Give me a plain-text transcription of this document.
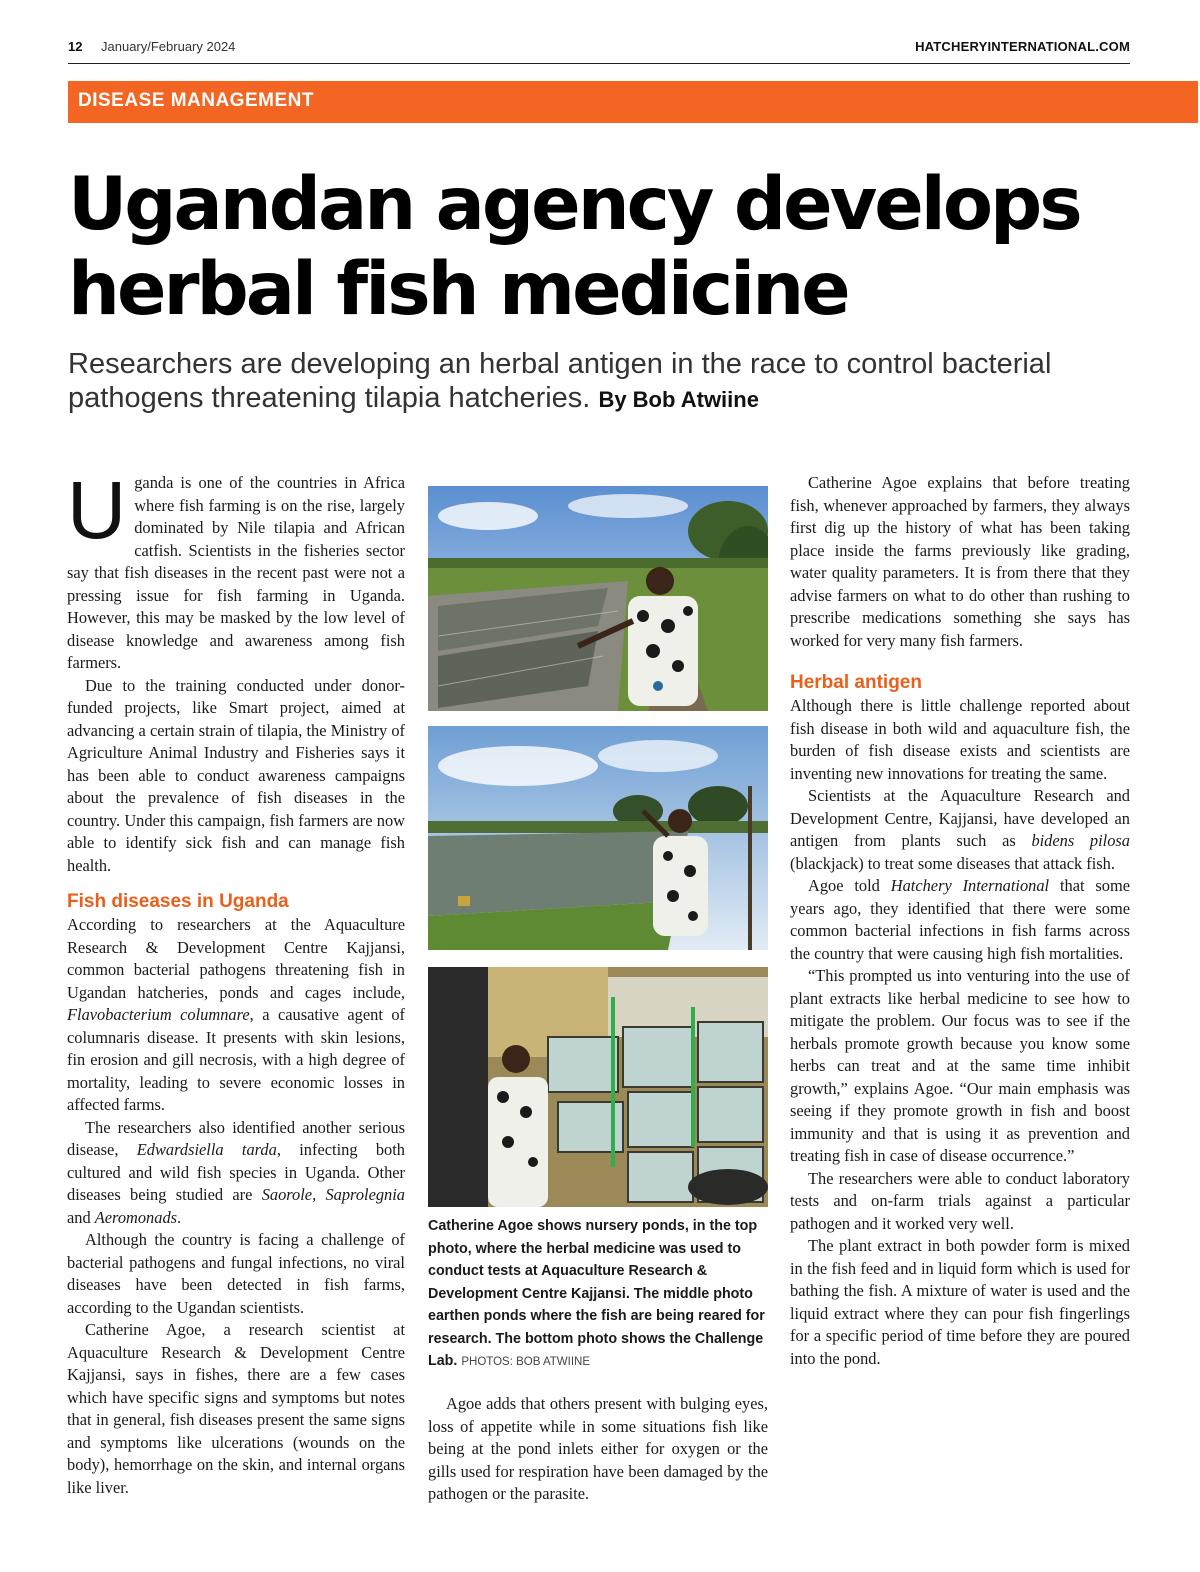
12 January/February 2024	HATCHERYINTERNATIONAL.COM
DISEASE MANAGEMENT
Ugandan agency develops herbal fish medicine
Researchers are developing an herbal antigen in the race to control bacterial pathogens threatening tilapia hatcheries. By Bob Atwiine

Uganda is one of the countries in Africa where fish farming is on the rise, largely dominated by Nile tilapia and African catfish. Scientists in the fisheries sector say that fish diseases in the recent past were not a pressing issue for fish farming in Uganda. However, this may be masked by the low level of disease knowledge and awareness among fish farmers.

Due to the training conducted under donor-funded projects, like Smart project, aimed at advancing a certain strain of tilapia, the Ministry of Agriculture Animal Industry and Fisheries says it has been able to conduct awareness campaigns about the prevalence of fish diseases in the country. Under this campaign, fish farmers are now able to identify sick fish and can manage fish health.

Fish diseases in Uganda

According to researchers at the Aquaculture Research & Development Centre Kajjansi, common bacterial pathogens threatening fish in Ugandan hatcheries, ponds and cages include, Flavobacterium columnare, a causative agent of columnaris disease. It presents with skin lesions, fin erosion and gill necrosis, with a high degree of mortality, leading to severe economic losses in affected farms.

The researchers also identified another serious disease, Edwardsiella tarda, infecting both cultured and wild fish species in Uganda. Other diseases being studied are Saorole, Saprolegnia and Aeromonads.

Although the country is facing a challenge of bacterial pathogens and fungal infections, no viral diseases have been detected in fish farms, according to the Ugandan scientists.

Catherine Agoe, a research scientist at Aquaculture Research & Development Centre Kajjansi, says in fishes, there are a few cases which have specific signs and symptoms but notes that in general, fish diseases present the same signs and symptoms like ulcerations (wounds on the body), hemorrhage on the skin, and internal organs like liver.

Catherine Agoe shows nursery ponds, in the top photo, where the herbal medicine was used to conduct tests at Aquaculture Research & Development Centre Kajjansi. The middle photo earthen ponds where the fish are being reared for research. The bottom photo shows the Challenge Lab. PHOTOS: BOB ATWIINE

Agoe adds that others present with bulging eyes, loss of appetite while in some situations fish like being at the pond inlets either for oxygen or the gills used for respiration have been damaged by the pathogen or the parasite.

Catherine Agoe explains that before treating fish, whenever approached by farmers, they always first dig up the history of what has been taking place inside the farms previously like grading, water quality parameters. It is from there that they advise farmers on what to do other than rushing to prescribe medications something she says has worked for very many fish farmers.

Herbal antigen

Although there is little challenge reported about fish disease in both wild and aquaculture fish, the burden of fish disease exists and scientists are inventing new innovations for treating the same.

Scientists at the Aquaculture Research and Development Centre, Kajjansi, have developed an antigen from plants such as bidens pilosa (blackjack) to treat some diseases that attack fish.

Agoe told Hatchery International that some years ago, they identified that there were some common bacterial infections in fish farms across the country that were causing high fish mortalities.

“This prompted us into venturing into the use of plant extracts like herbal medicine to see how to mitigate the problem. Our focus was to see if the herbals promote growth because you know some herbs can treat and at the same time inhibit growth,” explains Agoe. “Our main emphasis was seeing if they promote growth in fish and boost immunity and that is using it as prevention and treating fish in case of disease occurrence.”

The researchers were able to conduct laboratory tests and on-farm trials against a particular pathogen and it worked very well.

The plant extract in both powder form is mixed in the fish feed and in liquid form which is used for bathing the fish. A mixture of water is used and the liquid extract where they can pour fish fingerlings for a specific period of time before they are poured into the pond.
